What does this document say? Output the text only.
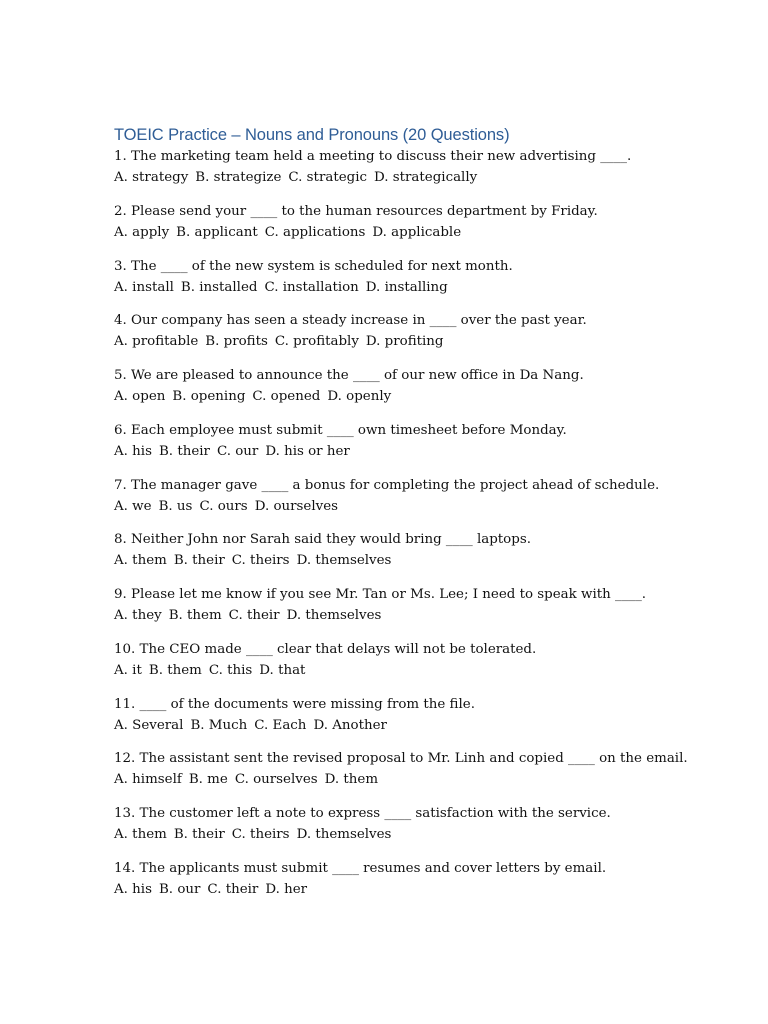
TOEIC Practice – Nouns and Pronouns (20 Questions)
1. The marketing team held a meeting to discuss their new advertising ____.
A. strategy B. strategize C. strategic D. strategically
2. Please send your ____ to the human resources department by Friday.
A. apply B. applicant C. applications D. applicable
3. The ____ of the new system is scheduled for next month.
A. install B. installed C. installation D. installing
4. Our company has seen a steady increase in ____ over the past year.
A. profitable B. profits C. profitably D. profiting
5. We are pleased to announce the ____ of our new office in Da Nang.
A. open B. opening C. opened D. openly
6. Each employee must submit ____ own timesheet before Monday.
A. his B. their C. our D. his or her
7. The manager gave ____ a bonus for completing the project ahead of schedule.
A. we B. us C. ours D. ourselves
8. Neither John nor Sarah said they would bring ____ laptops.
A. them B. their C. theirs D. themselves
9. Please let me know if you see Mr. Tan or Ms. Lee; I need to speak with ____.
A. they B. them C. their D. themselves
10. The CEO made ____ clear that delays will not be tolerated.
A. it B. them C. this D. that
11. ____ of the documents were missing from the file.
A. Several B. Much C. Each D. Another
12. The assistant sent the revised proposal to Mr. Linh and copied ____ on the email.
A. himself B. me C. ourselves D. them
13. The customer left a note to express ____ satisfaction with the service.
A. them B. their C. theirs D. themselves
14. The applicants must submit ____ resumes and cover letters by email.
A. his B. our C. their D. her
